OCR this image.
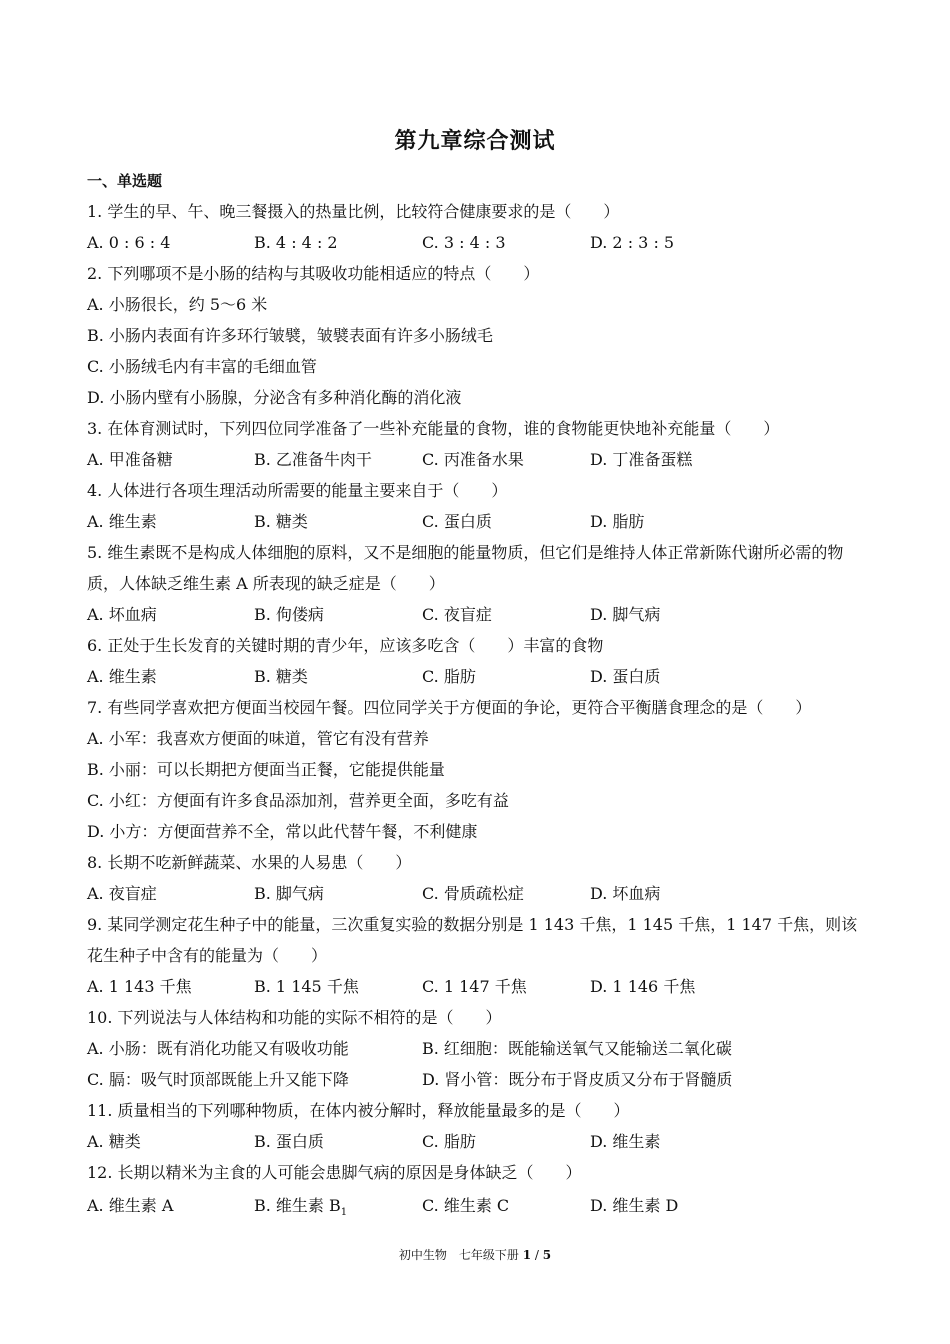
第九章综合测试
一、单选题
1. 学生的早、午、晚三餐摄入的热量比例，比较符合健康要求的是（　　）
A. 0 : 6 : 4	B. 4 : 4 : 2	C. 3 : 4 : 3	D. 2 : 3 : 5
2. 下列哪项不是小肠的结构与其吸收功能相适应的特点（　　）
A. 小肠很长，约 5～6 米
B. 小肠内表面有许多环行皱襞，皱襞表面有许多小肠绒毛
C. 小肠绒毛内有丰富的毛细血管
D. 小肠内壁有小肠腺，分泌含有多种消化酶的消化液
3. 在体育测试时，下列四位同学准备了一些补充能量的食物，谁的食物能更快地补充能量（　　）
A. 甲准备糖	B. 乙准备牛肉干	C. 丙准备水果	D. 丁准备蛋糕
4. 人体进行各项生理活动所需要的能量主要来自于（　　）
A. 维生素	B. 糖类	C. 蛋白质	D. 脂肪
5. 维生素既不是构成人体细胞的原料，又不是细胞的能量物质，但它们是维持人体正常新陈代谢所必需的物质，人体缺乏维生素 A 所表现的缺乏症是（　　）
A. 坏血病	B. 佝偻病	C. 夜盲症	D. 脚气病
6. 正处于生长发育的关键时期的青少年，应该多吃含（　　）丰富的食物
A. 维生素	B. 糖类	C. 脂肪	D. 蛋白质
7. 有些同学喜欢把方便面当校园午餐。四位同学关于方便面的争论，更符合平衡膳食理念的是（　　）
A. 小军：我喜欢方便面的味道，管它有没有营养
B. 小丽：可以长期把方便面当正餐，它能提供能量
C. 小红：方便面有许多食品添加剂，营养更全面，多吃有益
D. 小方：方便面营养不全，常以此代替午餐，不利健康
8. 长期不吃新鲜蔬菜、水果的人易患（　　）
A. 夜盲症	B. 脚气病	C. 骨质疏松症	D. 坏血病
9. 某同学测定花生种子中的能量，三次重复实验的数据分别是 1 143 千焦，1 145 千焦，1 147 千焦，则该花生种子中含有的能量为（　　）
A. 1 143 千焦	B. 1 145 千焦	C. 1 147 千焦	D. 1 146 千焦
10. 下列说法与人体结构和功能的实际不相符的是（　　）
A. 小肠：既有消化功能又有吸收功能	B. 红细胞：既能输送氧气又能输送二氧化碳
C. 膈：吸气时顶部既能上升又能下降	D. 肾小管：既分布于肾皮质又分布于肾髓质
11. 质量相当的下列哪种物质，在体内被分解时，释放能量最多的是（　　）
A. 糖类	B. 蛋白质	C. 脂肪	D. 维生素
12. 长期以精米为主食的人可能会患脚气病的原因是身体缺乏（　　）
A. 维生素 A	B. 维生素 $B_1$	C. 维生素 C	D. 维生素 D
初中生物　七年级下册 1 / 5
